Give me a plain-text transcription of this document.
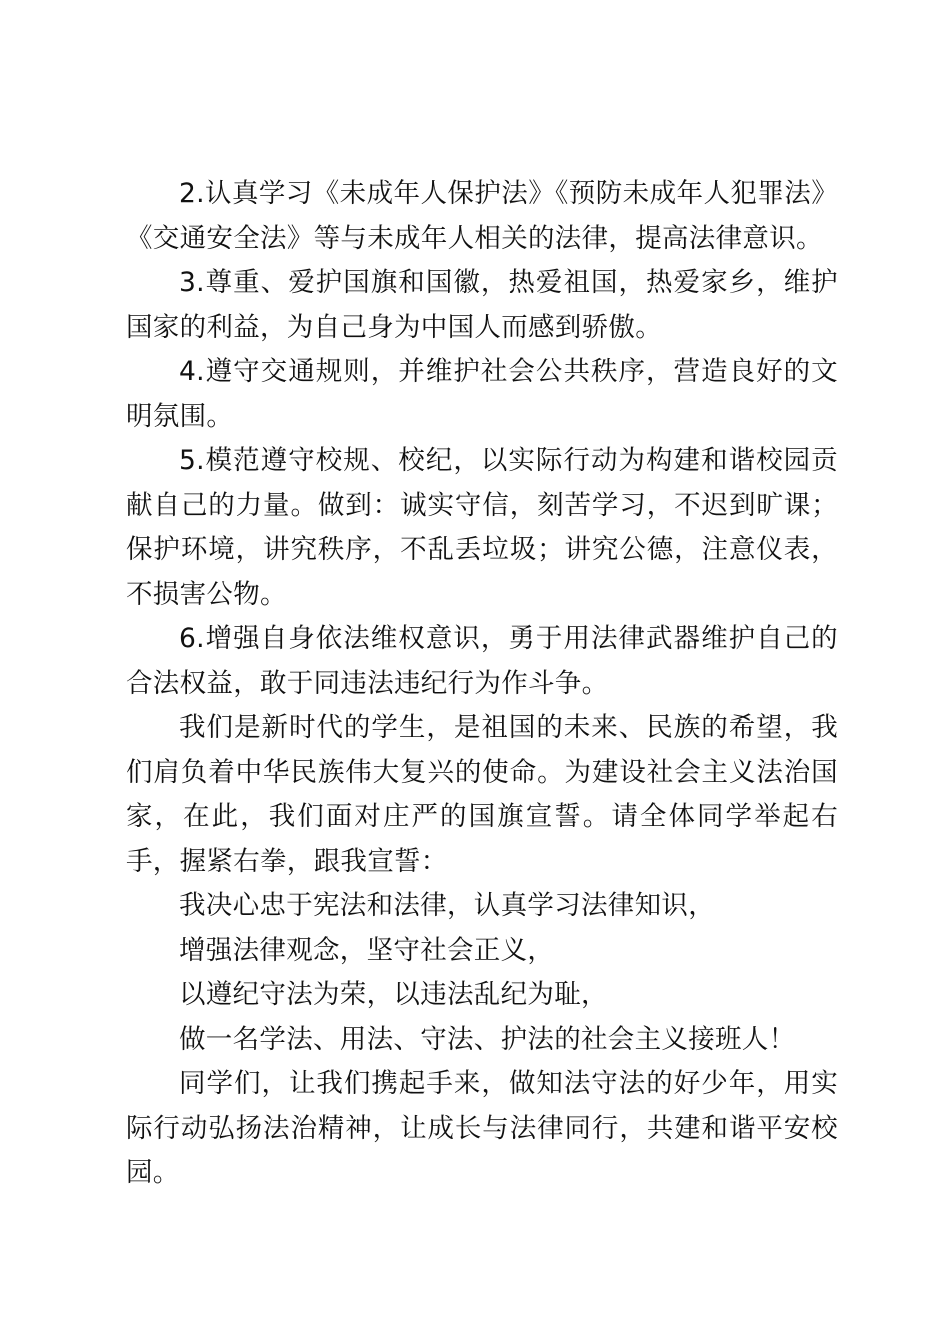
2.认真学习《未成年人保护法》《预防未成年人犯罪法》《交通安全法》等与未成年人相关的法律，提高法律意识。

3.尊重、爱护国旗和国徽，热爱祖国，热爱家乡，维护国家的利益，为自己身为中国人而感到骄傲。

4.遵守交通规则，并维护社会公共秩序，营造良好的文明氛围。

5.模范遵守校规、校纪，以实际行动为构建和谐校园贡献自己的力量。做到：诚实守信，刻苦学习，不迟到旷课；保护环境，讲究秩序，不乱丢垃圾；讲究公德，注意仪表，不损害公物。

6.增强自身依法维权意识，勇于用法律武器维护自己的合法权益，敢于同违法违纪行为作斗争。

我们是新时代的学生，是祖国的未来、民族的希望，我们肩负着中华民族伟大复兴的使命。为建设社会主义法治国家，在此，我们面对庄严的国旗宣誓。请全体同学举起右手，握紧右拳，跟我宣誓：

我决心忠于宪法和法律，认真学习法律知识，

增强法律观念，坚守社会正义，

以遵纪守法为荣，以违法乱纪为耻，

做一名学法、用法、守法、护法的社会主义接班人！

同学们，让我们携起手来，做知法守法的好少年，用实际行动弘扬法治精神，让成长与法律同行，共建和谐平安校园。
